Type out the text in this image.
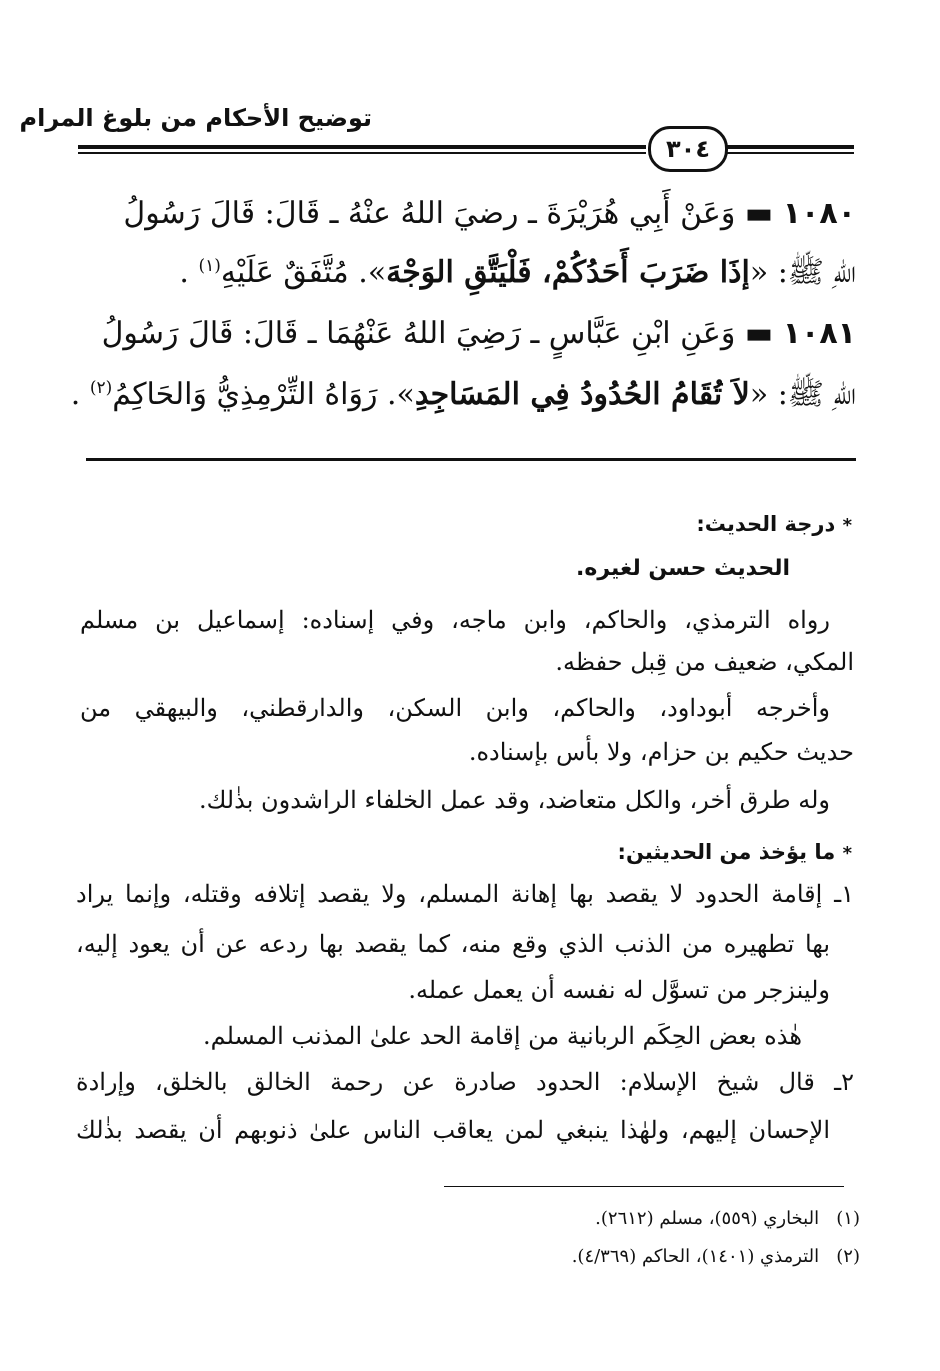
توضيح الأحكام من بلوغ المرام
٣٠٤
١٠٨٠ ▬ وَعَنْ أَبِي هُرَيْرَةَ ـ رضيَ اللهُ عنْهُ ـ قَالَ: قَالَ رَسُولُ
اللهِ ﷺ: «إذَا ضَرَبَ أَحَدُكُمْ، فَلْيَتَّقِ الوَجْهَ». مُتَّفَقٌ عَلَيْهِ$^{(١)}$ .
١٠٨١ ▬ وَعَنِ ابْنِ عَبَّاسٍ ـ رَضِيَ اللهُ عَنْهُمَا ـ قَالَ: قَالَ رَسُولُ
اللهِ ﷺ: «لاَ تُقَامُ الحُدُودُ فِي المَسَاجِدِ». رَوَاهُ التِّرْمِذِيُّ وَالحَاكِمُ$^{(٢)}$ .
* درجة الحديث:
الحديث حسن لغيره.
رواه الترمذي، والحاكم، وابن ماجه، وفي إسناده: إسماعيل بن مسلم
المكي، ضعيف من قِبل حفظه.
وأخرجه أبوداود، والحاكم، وابن السكن، والدارقطني، والبيهقي من
حديث حكيم بن حزام، ولا بأس بإسناده.
وله طرق أخر، والكل متعاضد، وقد عمل الخلفاء الراشدون بذٰلك.
* ما يؤخذ من الحديثين:
١ـ إقامة الحدود لا يقصد بها إهانة المسلم، ولا يقصد إتلافه وقتله، وإنما يراد
بها تطهيره من الذنب الذي وقع منه، كما يقصد بها ردعه عن أن يعود إليه،
ولينزجر من تسوَّل له نفسه أن يعمل عمله.
هٰذه بعض الحِكَم الربانية من إقامة الحد علىٰ المذنب المسلم.
٢ـ قال شيخ الإسلام: الحدود صادرة عن رحمة الخالق بالخلق، وإرادة
الإحسان إليهم، ولهٰذا ينبغي لمن يعاقب الناس علىٰ ذنوبهم أن يقصد بذٰلك
(١)   البخاري (٥٥٩)، مسلم (٢٦١٢).
(٢)   الترمذي (١٤٠١)، الحاكم (٤/٣٦٩).
